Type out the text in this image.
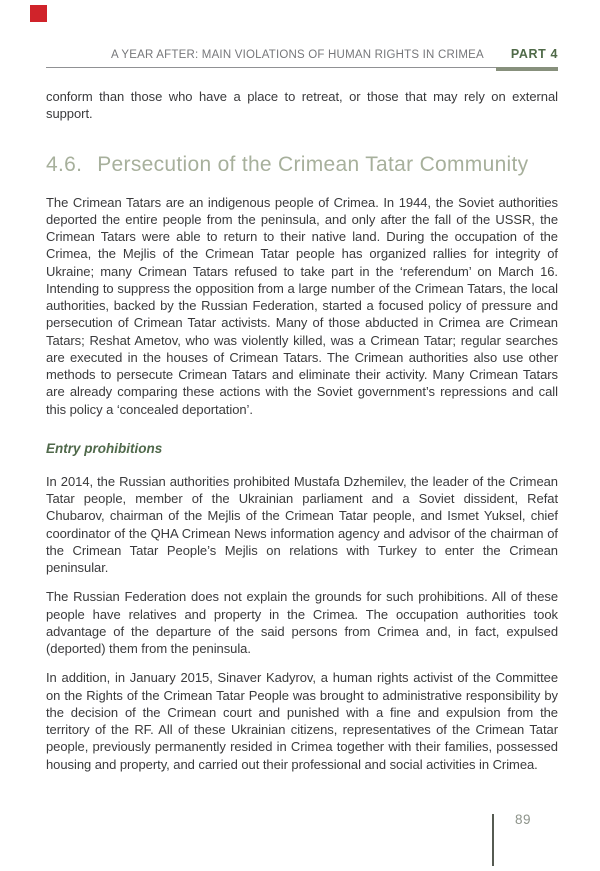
A YEAR AFTER: MAIN VIOLATIONS OF HUMAN RIGHTS IN CRIMEA PART 4

conform than those who have a place to retreat, or those that may rely on external support.

4.6. Persecution of the Crimean Tatar Community

The Crimean Tatars are an indigenous people of Crimea. In 1944, the Soviet authorities deported the entire people from the peninsula, and only after the fall of the USSR, the Crimean Tatars were able to return to their native land. During the occupation of the Crimea, the Mejlis of the Crimean Tatar people has organized rallies for integrity of Ukraine; many Crimean Tatars refused to take part in the ‘referendum’ on March 16. Intending to suppress the opposition from a large number of the Crimean Tatars, the local authorities, backed by the Russian Federation, started a focused policy of pressure and persecution of Crimean Tatar activists. Many of those abducted in Crimea are Crimean Tatars; Reshat Ametov, who was violently killed, was a Crimean Tatar; regular searches are executed in the houses of Crimean Tatars. The Crimean authorities also use other methods to persecute Crimean Tatars and eliminate their activity. Many Crimean Tatars are already comparing these actions with the Soviet government’s repressions and call this policy a ‘concealed deportation’.

Entry prohibitions

In 2014, the Russian authorities prohibited Mustafa Dzhemilev, the leader of the Crimean Tatar people, member of the Ukrainian parliament and a Soviet dissident, Refat Chubarov, chairman of the Mejlis of the Crimean Tatar people, and Ismet Yuksel, chief coordinator of the QHA Crimean News information agency and advisor of the chairman of the Crimean Tatar People’s Mejlis on relations with Turkey to enter the Crimean peninsular.

The Russian Federation does not explain the grounds for such prohibitions. All of these people have relatives and property in the Crimea. The occupation authorities took advantage of the departure of the said persons from Crimea and, in fact, expulsed (deported) them from the peninsula.

In addition, in January 2015, Sinaver Kadyrov, a human rights activist of the Committee on the Rights of the Crimean Tatar People was brought to administrative responsibility by the decision of the Crimean court and punished with a fine and expulsion from the territory of the RF. All of these Ukrainian citizens, representatives of the Crimean Tatar people, previously permanently resided in Crimea together with their families, possessed housing and property, and carried out their professional and social activities in Crimea.

89
